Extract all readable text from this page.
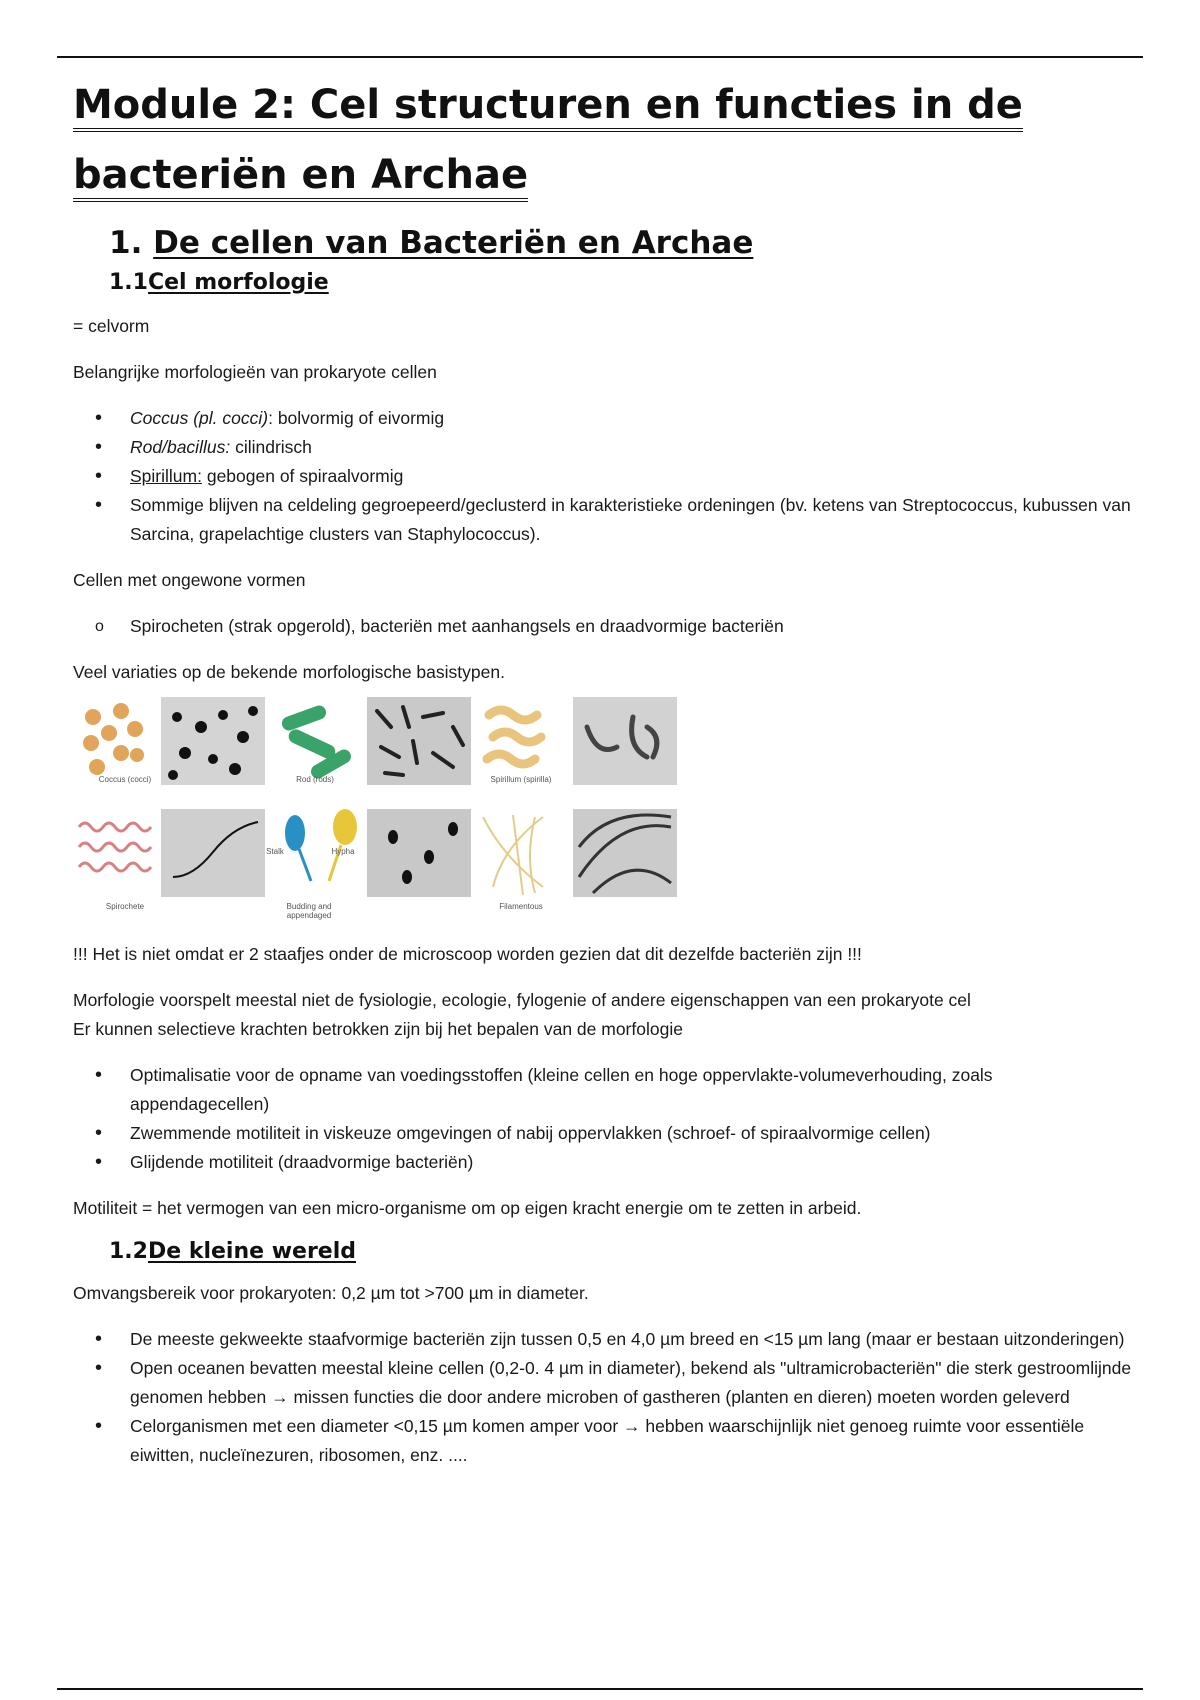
Module 2: Cel structuren en functies in de
bacteriën en Archae
1. De cellen van Bacteriën en Archae
1.1Cel morfologie

= celvorm

Belangrijke morfologieën van prokaryote cellen

• Coccus (pl. cocci): bolvormig of eivormig
• Rod/bacillus: cilindrisch
• Spirillum: gebogen of spiraalvormig
• Sommige blijven na celdeling gegroepeerd/geclusterd in karakteristieke ordeningen (bv. ketens van Streptococcus, kubussen van Sarcina, grapelachtige clusters van Staphylococcus).

Cellen met ongewone vormen

o Spirocheten (strak opgerold), bacteriën met aanhangsels en draadvormige bacteriën

Veel variaties op de bekende morfologische basistypen.

Coccus (cocci)	Rod (rods)	Spirillum (spirilla)
Spirochete
Stalk	Hypha
Budding and appendaged
Filamentous

!!! Het is niet omdat er 2 staafjes onder de microscoop worden gezien dat dit dezelfde bacteriën zijn !!!

Morfologie voorspelt meestal niet de fysiologie, ecologie, fylogenie of andere eigenschappen van een prokaryote cel

Er kunnen selectieve krachten betrokken zijn bij het bepalen van de morfologie

• Optimalisatie voor de opname van voedingsstoffen (kleine cellen en hoge oppervlakte-volumeverhouding, zoals appendagecellen)
• Zwemmende motiliteit in viskeuze omgevingen of nabij oppervlakken (schroef- of spiraalvormige cellen)
• Glijdende motiliteit (draadvormige bacteriën)

Motiliteit = het vermogen van een micro-organisme om op eigen kracht energie om te zetten in arbeid.

1.2De kleine wereld

Omvangsbereik voor prokaryoten: 0,2 µm tot >700 µm in diameter.

• De meeste gekweekte staafvormige bacteriën zijn tussen 0,5 en 4,0 µm breed en <15 µm lang (maar er bestaan uitzonderingen)
• Open oceanen bevatten meestal kleine cellen (0,2-0. 4 µm in diameter), bekend als "ultramicrobacteriën" die sterk gestroomlijnde genomen hebben → missen functies die door andere microben of gastheren (planten en dieren) moeten worden geleverd
• Celorganismen met een diameter <0,15 µm komen amper voor → hebben waarschijnlijk niet genoeg ruimte voor essentiële eiwitten, nucleïnezuren, ribosomen, enz. ....
